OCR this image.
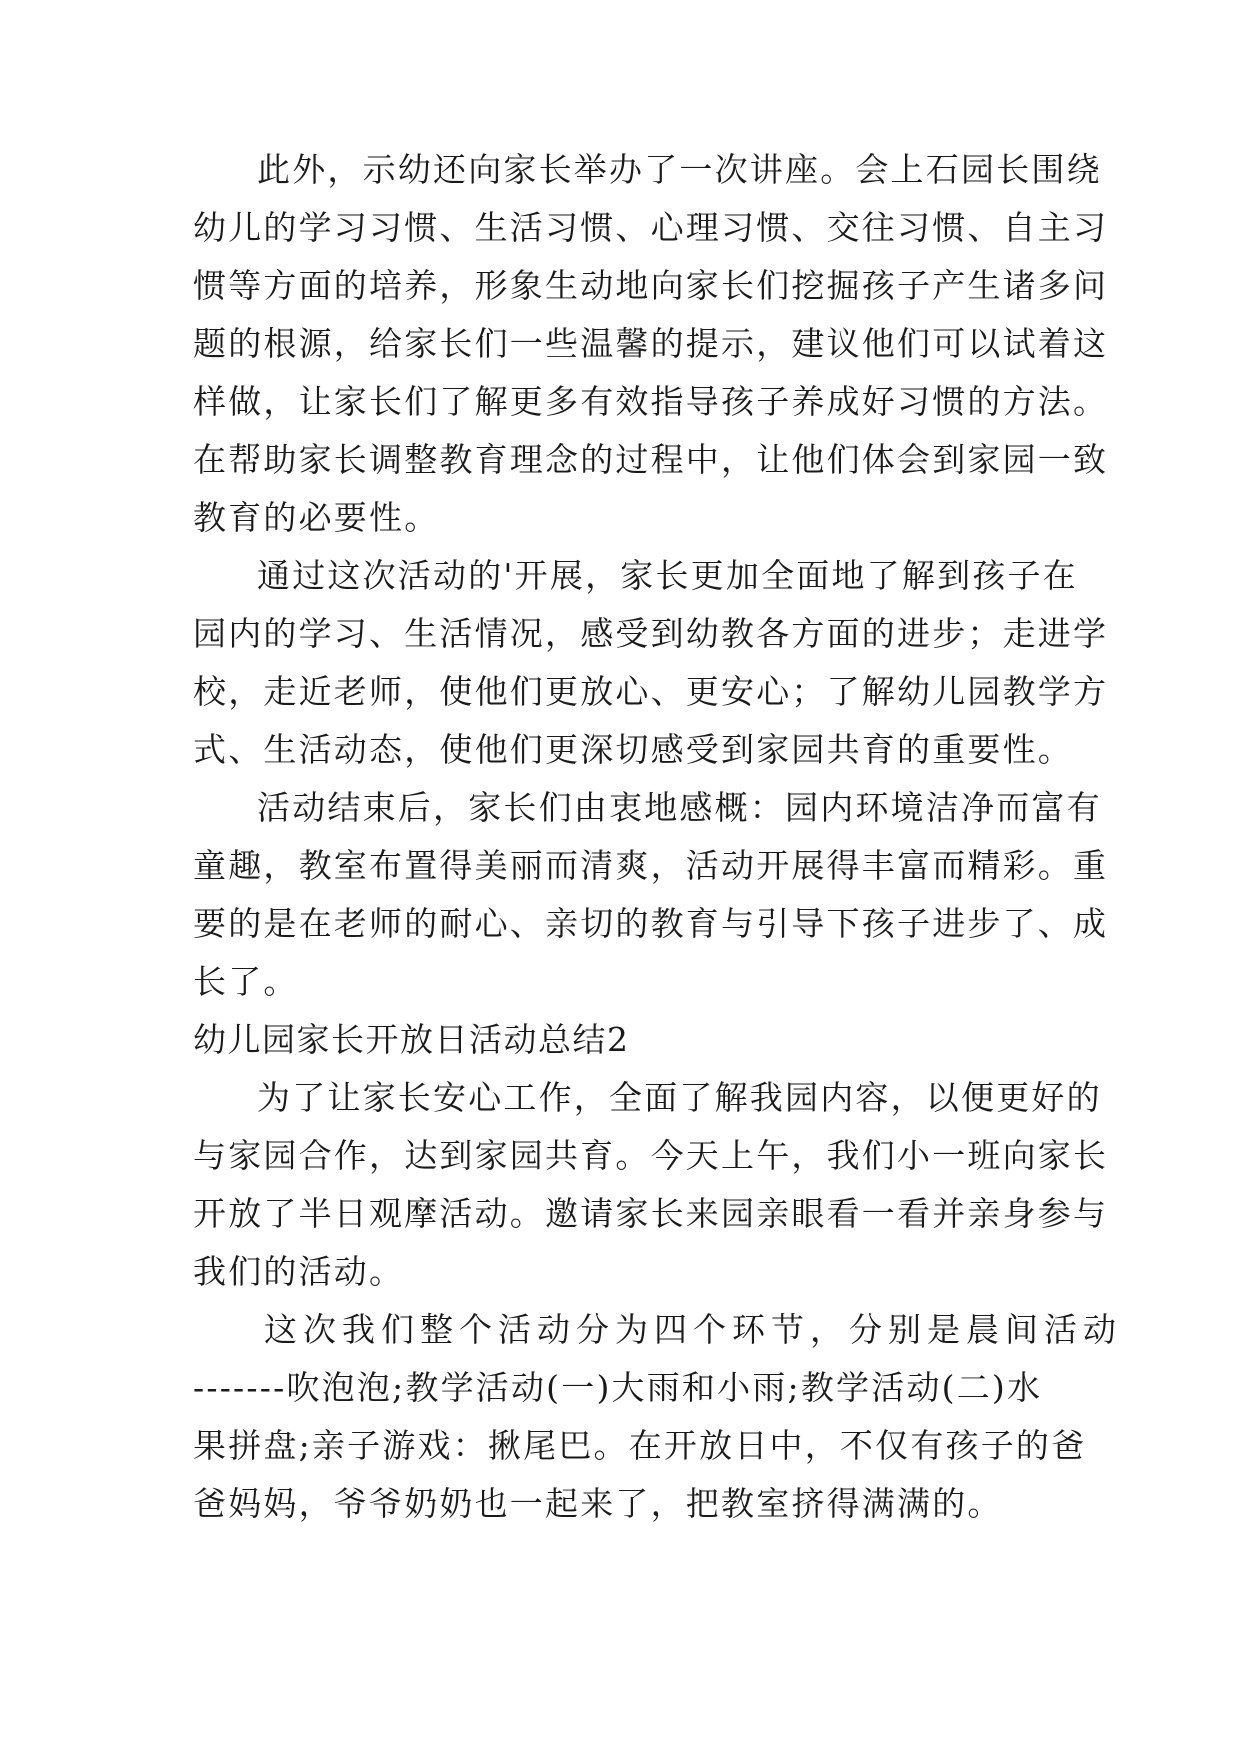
此外，示幼还向家长举办了一次讲座。会上石园长围绕
幼儿的学习习惯、生活习惯、心理习惯、交往习惯、自主习
惯等方面的培养，形象生动地向家长们挖掘孩子产生诸多问
题的根源，给家长们一些温馨的提示，建议他们可以试着这
样做，让家长们了解更多有效指导孩子养成好习惯的方法。
在帮助家长调整教育理念的过程中，让他们体会到家园一致
教育的必要性。
通过这次活动的'开展，家长更加全面地了解到孩子在
园内的学习、生活情况，感受到幼教各方面的进步；走进学
校，走近老师，使他们更放心、更安心；了解幼儿园教学方
式、生活动态，使他们更深切感受到家园共育的重要性。
活动结束后，家长们由衷地感概：园内环境洁净而富有
童趣，教室布置得美丽而清爽，活动开展得丰富而精彩。重
要的是在老师的耐心、亲切的教育与引导下孩子进步了、成
长了。
幼儿园家长开放日活动总结2
为了让家长安心工作，全面了解我园内容，以便更好的
与家园合作，达到家园共育。今天上午，我们小一班向家长
开放了半日观摩活动。邀请家长来园亲眼看一看并亲身参与
我们的活动。
这次我们整个活动分为四个环节，分别是晨间活动
-------吹泡泡;教学活动(一)大雨和小雨;教学活动(二)水
果拼盘;亲子游戏：揪尾巴。在开放日中，不仅有孩子的爸
爸妈妈，爷爷奶奶也一起来了，把教室挤得满满的。
